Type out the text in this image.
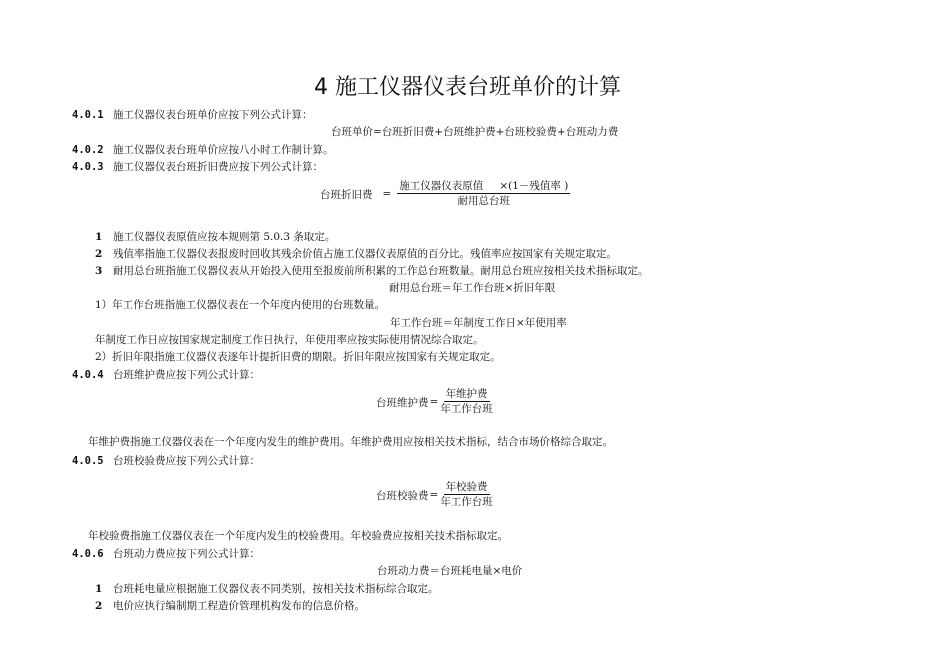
4 施工仪器仪表台班单价的计算
4.0.1 施工仪器仪表台班单价应按下列公式计算：
台班单价=台班折旧费+台班维护费+台班校验费+台班动力费
4.0.2 施工仪器仪表台班单价应按八小时工作制计算。
4.0.3 施工仪器仪表台班折旧费应按下列公式计算：
台班折旧费 = $\frac{\text{施工仪器仪表原值 ×(1－残值率 )}}{\text{耐用总台班}}$
1 施工仪器仪表原值应按本规则第 5.0.3 条取定。
2 残值率指施工仪器仪表报废时回收其残余价值占施工仪器仪表原值的百分比。残值率应按国家有关规定取定。
3 耐用总台班指施工仪器仪表从开始投入使用至报废前所积累的工作总台班数量。耐用总台班应按相关技术指标取定。
耐用总台班＝年工作台班×折旧年限
1）年工作台班指施工仪器仪表在一个年度内使用的台班数量。
年工作台班＝年制度工作日×年使用率
年制度工作日应按国家规定制度工作日执行，年使用率应按实际使用情况综合取定。
2）折旧年限指施工仪器仪表逐年计提折旧费的期限。折旧年限应按国家有关规定取定。
4.0.4 台班维护费应按下列公式计算：
台班维护费 = $\frac{\text{年维护费}}{\text{年工作台班}}$
年维护费指施工仪器仪表在一个年度内发生的维护费用。年维护费用应按相关技术指标，结合市场价格综合取定。
4.0.5 台班校验费应按下列公式计算：
台班校验费 = $\frac{\text{年校验费}}{\text{年工作台班}}$
年校验费指施工仪器仪表在一个年度内发生的校验费用。年校验费应按相关技术指标取定。
4.0.6 台班动力费应按下列公式计算：
台班动力费＝台班耗电量×电价
1 台班耗电量应根据施工仪器仪表不同类别，按相关技术指标综合取定。
2 电价应执行编制期工程造价管理机构发布的信息价格。
